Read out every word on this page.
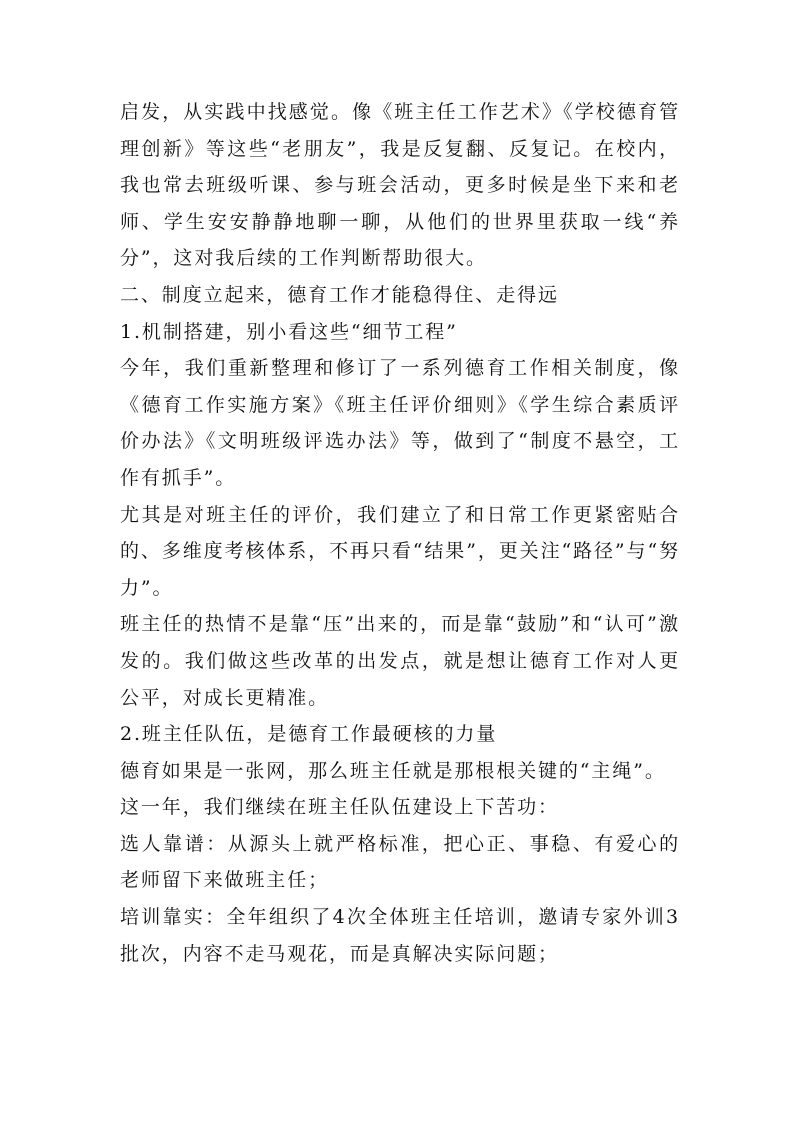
启发，从实践中找感觉。像《班主任工作艺术》《学校德育管理创新》等这些“老朋友”，我是反复翻、反复记。在校内，我也常去班级听课、参与班会活动，更多时候是坐下来和老师、学生安安静静地聊一聊，从他们的世界里获取一线“养分”，这对我后续的工作判断帮助很大。

二、制度立起来，德育工作才能稳得住、走得远

1.机制搭建，别小看这些“细节工程”

今年，我们重新整理和修订了一系列德育工作相关制度，像《德育工作实施方案》《班主任评价细则》《学生综合素质评价办法》《文明班级评选办法》等，做到了“制度不悬空，工作有抓手”。

尤其是对班主任的评价，我们建立了和日常工作更紧密贴合的、多维度考核体系，不再只看“结果”，更关注“路径”与“努力”。

班主任的热情不是靠“压”出来的，而是靠“鼓励”和“认可”激发的。我们做这些改革的出发点，就是想让德育工作对人更公平，对成长更精准。

2.班主任队伍，是德育工作最硬核的力量

德育如果是一张网，那么班主任就是那根根关键的“主绳”。

这一年，我们继续在班主任队伍建设上下苦功：

选人靠谱：从源头上就严格标准，把心正、事稳、有爱心的老师留下来做班主任；

培训靠实：全年组织了4次全体班主任培训，邀请专家外训3批次，内容不走马观花，而是真解决实际问题；
